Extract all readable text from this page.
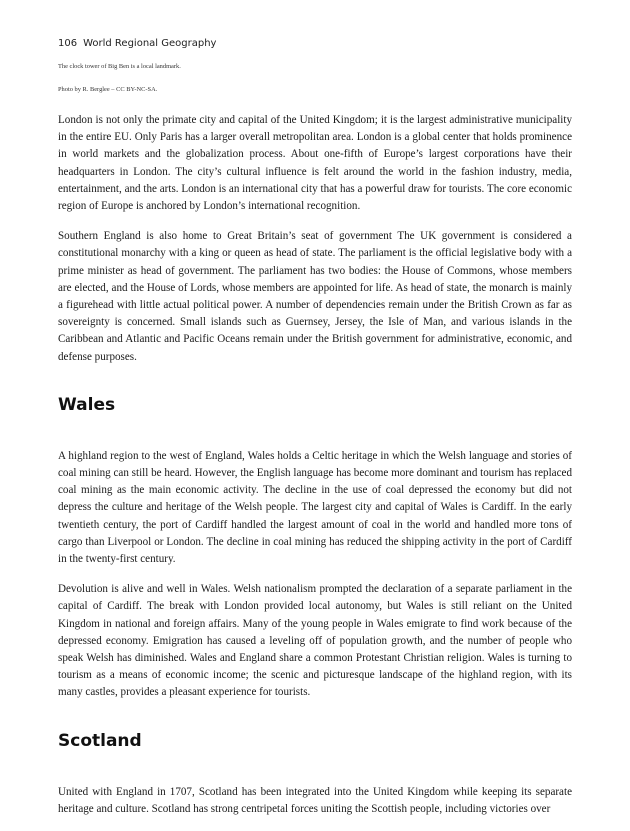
106 World Regional Geography
The clock tower of Big Ben is a local landmark.
Photo by R. Berglee – CC BY-NC-SA.

London is not only the primate city and capital of the United Kingdom; it is the largest administrative municipality in the entire EU. Only Paris has a larger overall metropolitan area. London is a global center that holds prominence in world markets and the globalization process. About one-fifth of Europe’s largest corporations have their headquarters in London. The city’s cultural influence is felt around the world in the fashion industry, media, entertainment, and the arts. London is an international city that has a powerful draw for tourists. The core economic region of Europe is anchored by London’s international recognition.

Southern England is also home to Great Britain’s seat of government The UK government is considered a constitutional monarchy with a king or queen as head of state. The parliament is the official legislative body with a prime minister as head of government. The parliament has two bodies: the House of Commons, whose members are elected, and the House of Lords, whose members are appointed for life. As head of state, the monarch is mainly a figurehead with little actual political power. A number of dependencies remain under the British Crown as far as sovereignty is concerned. Small islands such as Guernsey, Jersey, the Isle of Man, and various islands in the Caribbean and Atlantic and Pacific Oceans remain under the British government for administrative, economic, and defense purposes.

Wales

A highland region to the west of England, Wales holds a Celtic heritage in which the Welsh language and stories of coal mining can still be heard. However, the English language has become more dominant and tourism has replaced coal mining as the main economic activity. The decline in the use of coal depressed the economy but did not depress the culture and heritage of the Welsh people. The largest city and capital of Wales is Cardiff. In the early twentieth century, the port of Cardiff handled the largest amount of coal in the world and handled more tons of cargo than Liverpool or London. The decline in coal mining has reduced the shipping activity in the port of Cardiff in the twenty-first century.

Devolution is alive and well in Wales. Welsh nationalism prompted the declaration of a separate parliament in the capital of Cardiff. The break with London provided local autonomy, but Wales is still reliant on the United Kingdom in national and foreign affairs. Many of the young people in Wales emigrate to find work because of the depressed economy. Emigration has caused a leveling off of population growth, and the number of people who speak Welsh has diminished. Wales and England share a common Protestant Christian religion. Wales is turning to tourism as a means of economic income; the scenic and picturesque landscape of the highland region, with its many castles, provides a pleasant experience for tourists.

Scotland

United with England in 1707, Scotland has been integrated into the United Kingdom while keeping its separate heritage and culture. Scotland has strong centripetal forces uniting the Scottish people, including victories over
